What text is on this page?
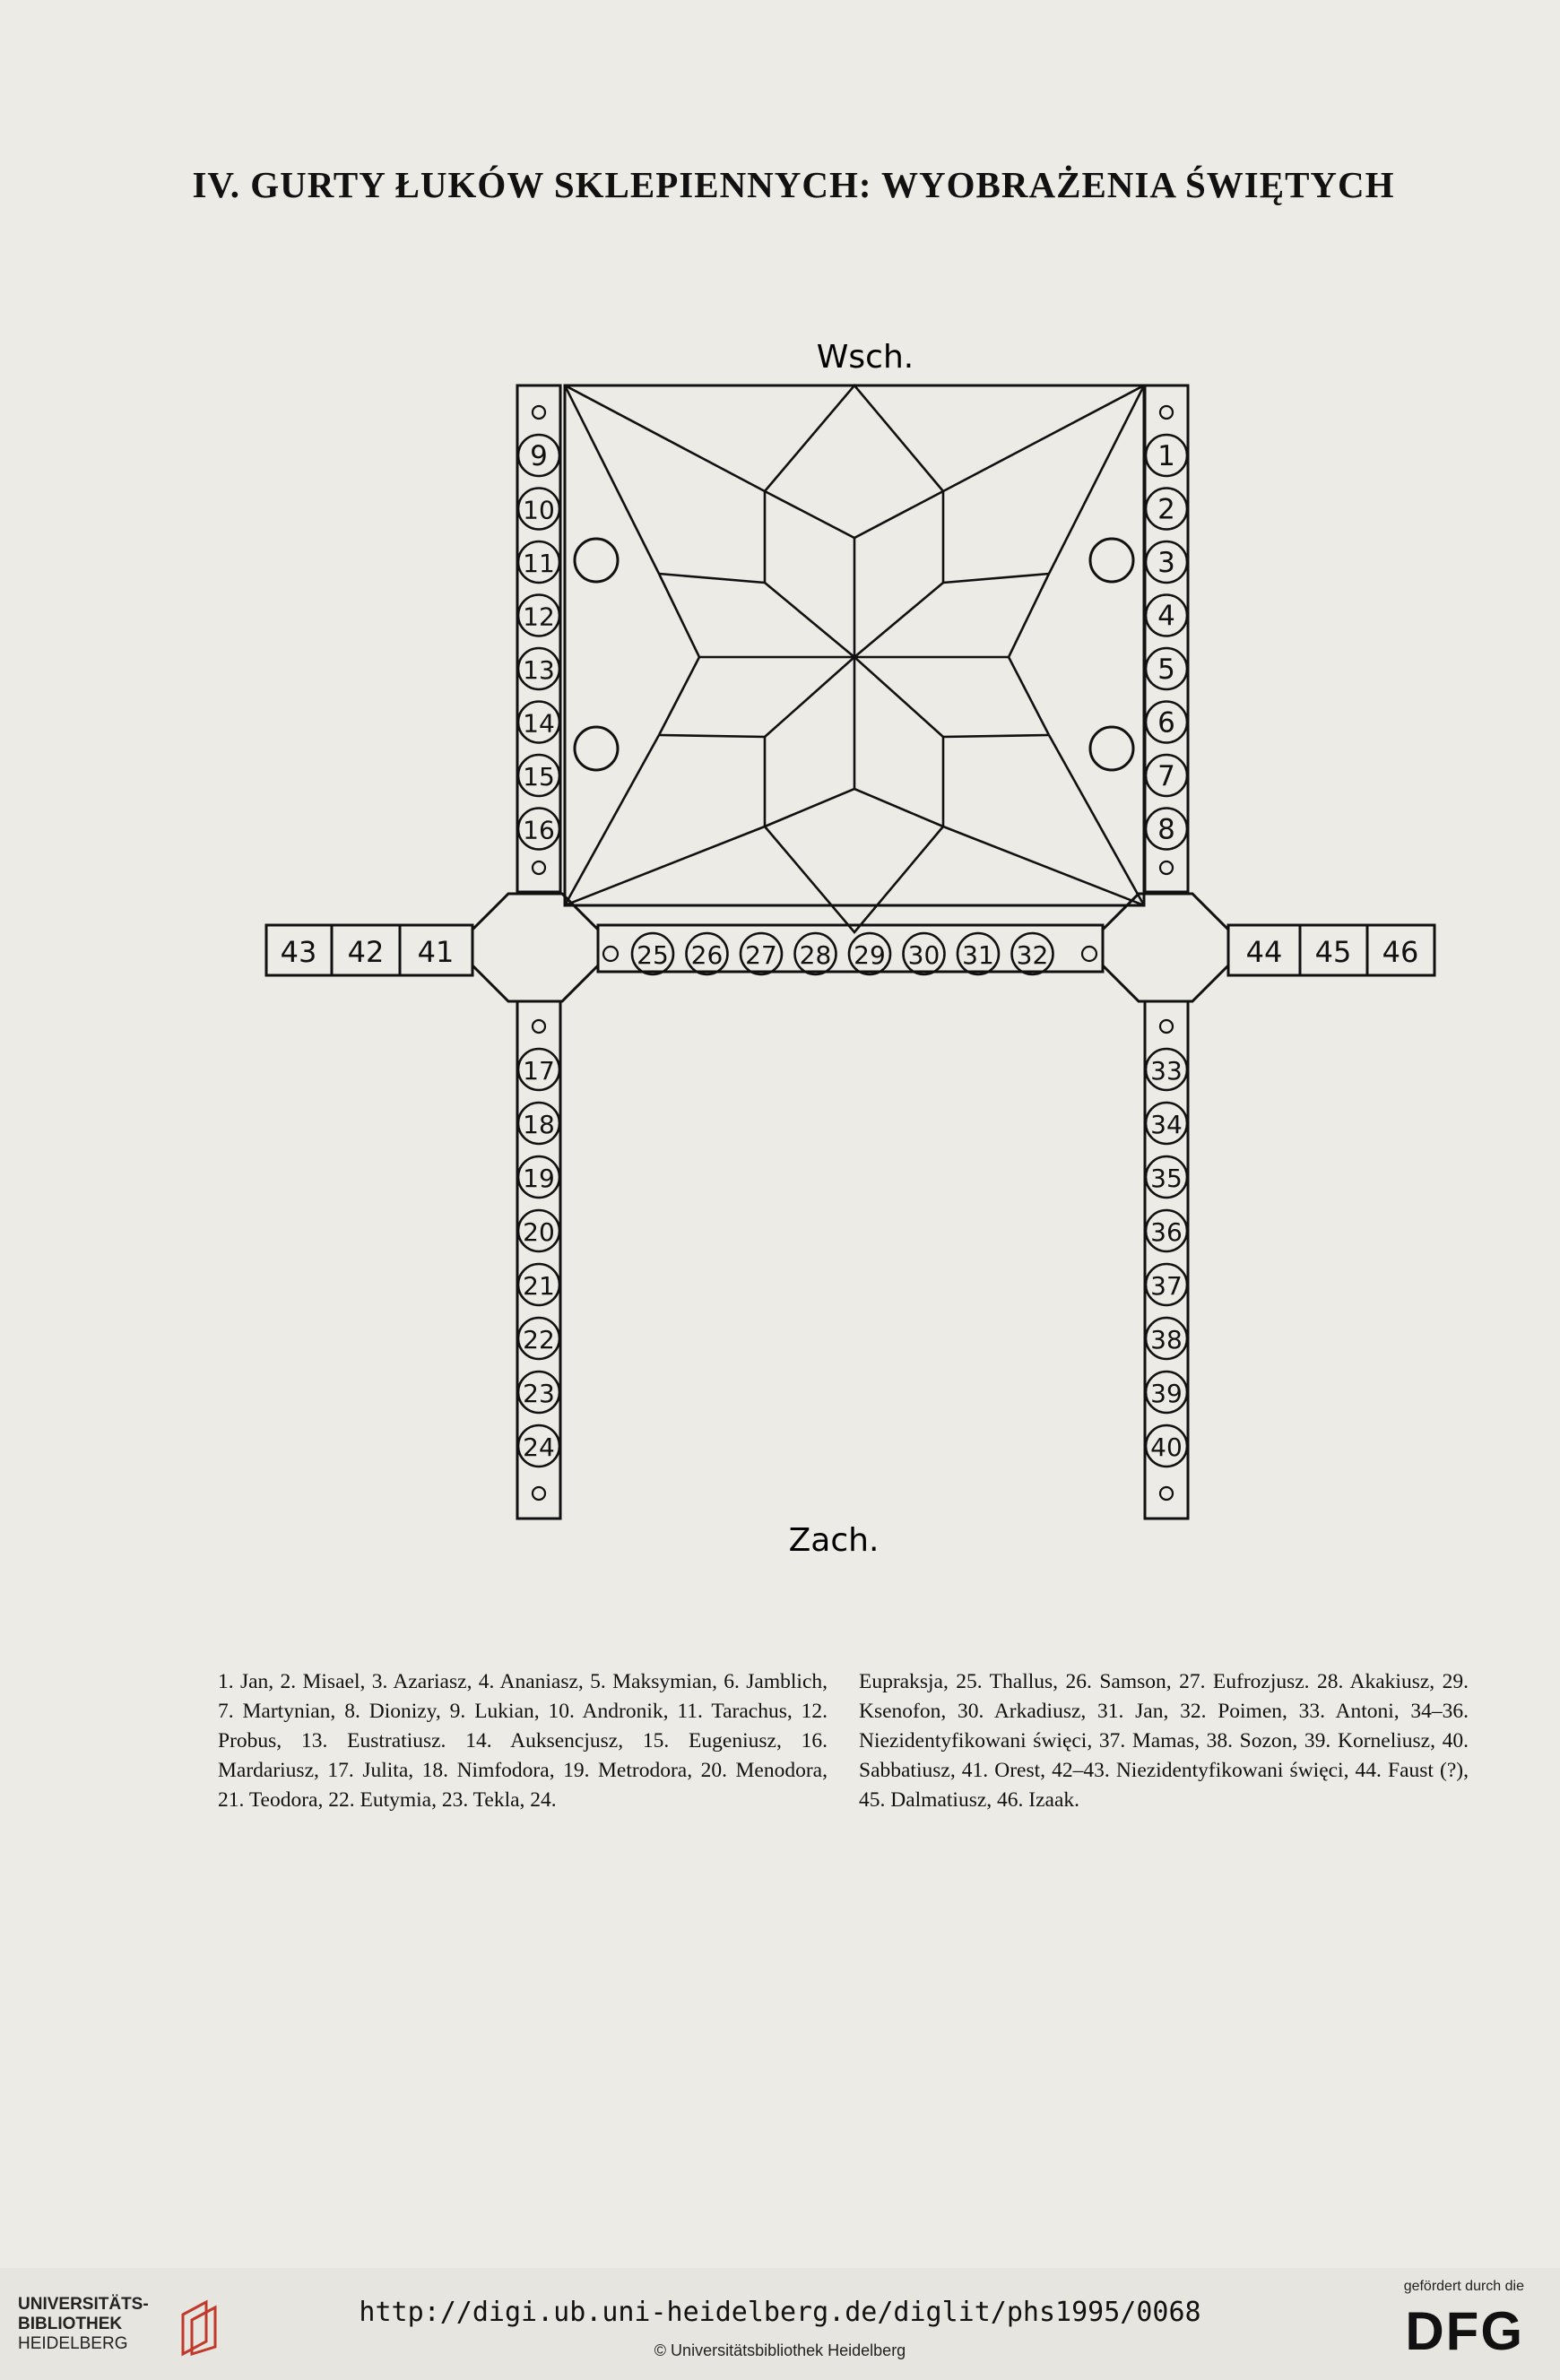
IV. GURTY ŁUKÓW SKLEPIENNYCH: WYOBRAŻENIA ŚWIĘTYCH
Wsch.
Zach.
9
10
11
12
13
14
15
16
1
2
3
4
5
6
7
8
17
18
19
20
21
22
23
24
33
34
35
36
37
38
39
40
25 26 27 28 29 30 31 32
43 42 41	44 45 46
1. Jan, 2. Misael, 3. Azariasz, 4. Ananiasz, 5. Maksymian, 6. Jamblich, 7. Martynian, 8. Dionizy, 9. Lukian, 10. Andronik, 11. Tarachus, 12. Probus, 13. Eustratiusz. 14. Auksencjusz, 15. Eugeniusz, 16. Mardariusz, 17. Julita, 18. Nimfodora, 19. Metrodora, 20. Menodora, 21. Teodora, 22. Eutymia, 23. Tekla, 24.
Eupraksja, 25. Thallus, 26. Samson, 27. Eufrozjusz. 28. Akakiusz, 29. Ksenofon, 30. Arkadiusz, 31. Jan, 32. Poimen, 33. Antoni, 34–36. Niezidentyfikowani święci, 37. Mamas, 38. Sozon, 39. Korneliusz, 40. Sabbatiusz, 41. Orest, 42–43. Niezidentyfikowani święci, 44. Faust (?), 45. Dalmatiusz, 46. Izaak.
UNIVERSITÄTS-
BIBLIOTHEK
HEIDELBERG
http://digi.ub.uni-heidelberg.de/diglit/phs1995/0068
© Universitätsbibliothek Heidelberg
gefördert durch die
DFG
